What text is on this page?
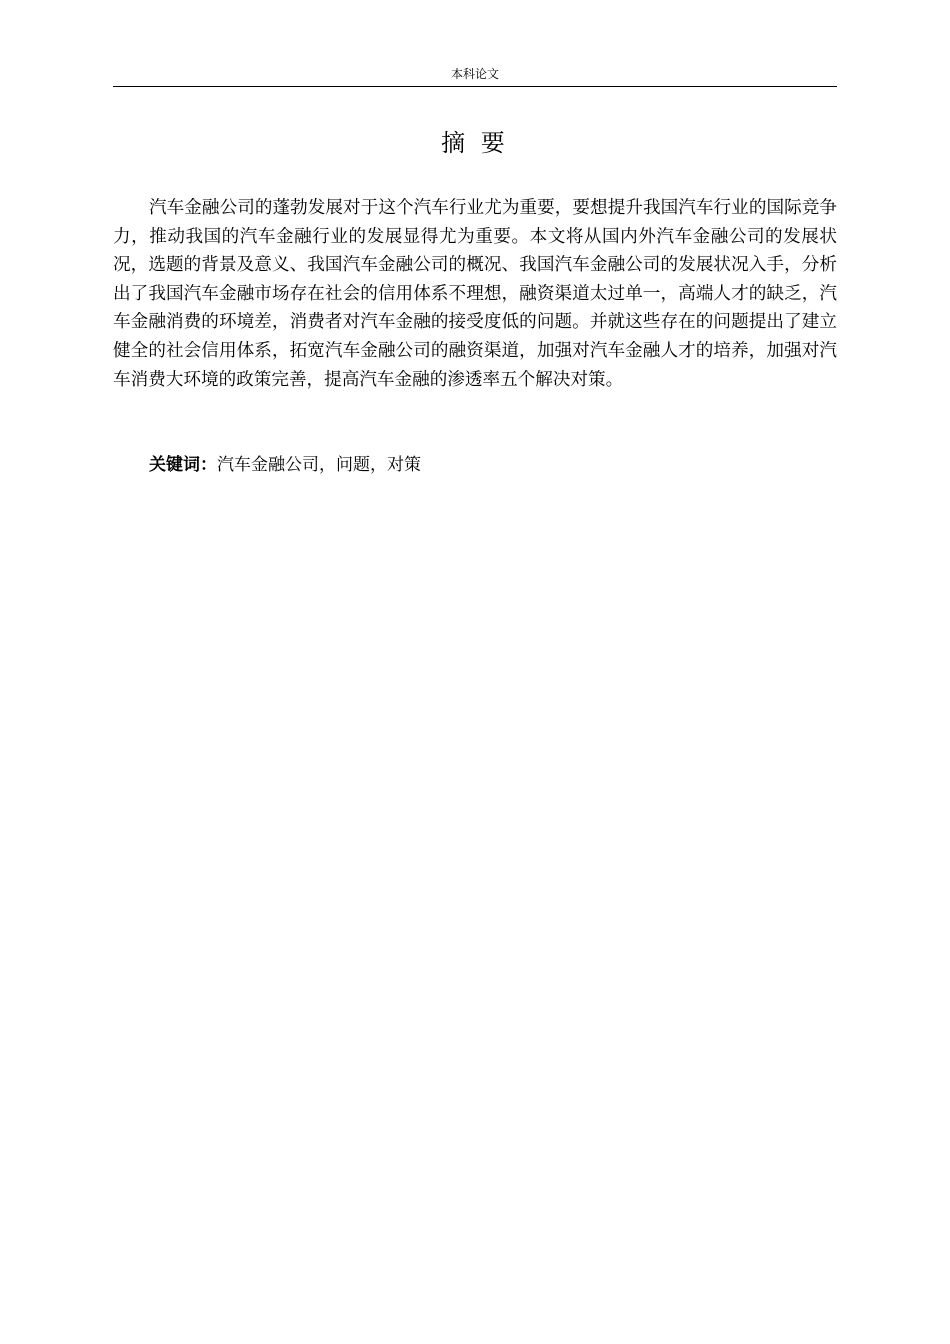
本科论文
摘 要

汽车金融公司的蓬勃发展对于这个汽车行业尤为重要，要想提升我国汽车行业的国际竞争力，推动我国的汽车金融行业的发展显得尤为重要。本文将从国内外汽车金融公司的发展状况，选题的背景及意义、我国汽车金融公司的概况、我国汽车金融公司的发展状况入手，分析出了我国汽车金融市场存在社会的信用体系不理想，融资渠道太过单一，高端人才的缺乏，汽车金融消费的环境差，消费者对汽车金融的接受度低的问题。并就这些存在的问题提出了建立健全的社会信用体系，拓宽汽车金融公司的融资渠道，加强对汽车金融人才的培养，加强对汽车消费大环境的政策完善，提高汽车金融的渗透率五个解决对策。

关键词：汽车金融公司，问题，对策
